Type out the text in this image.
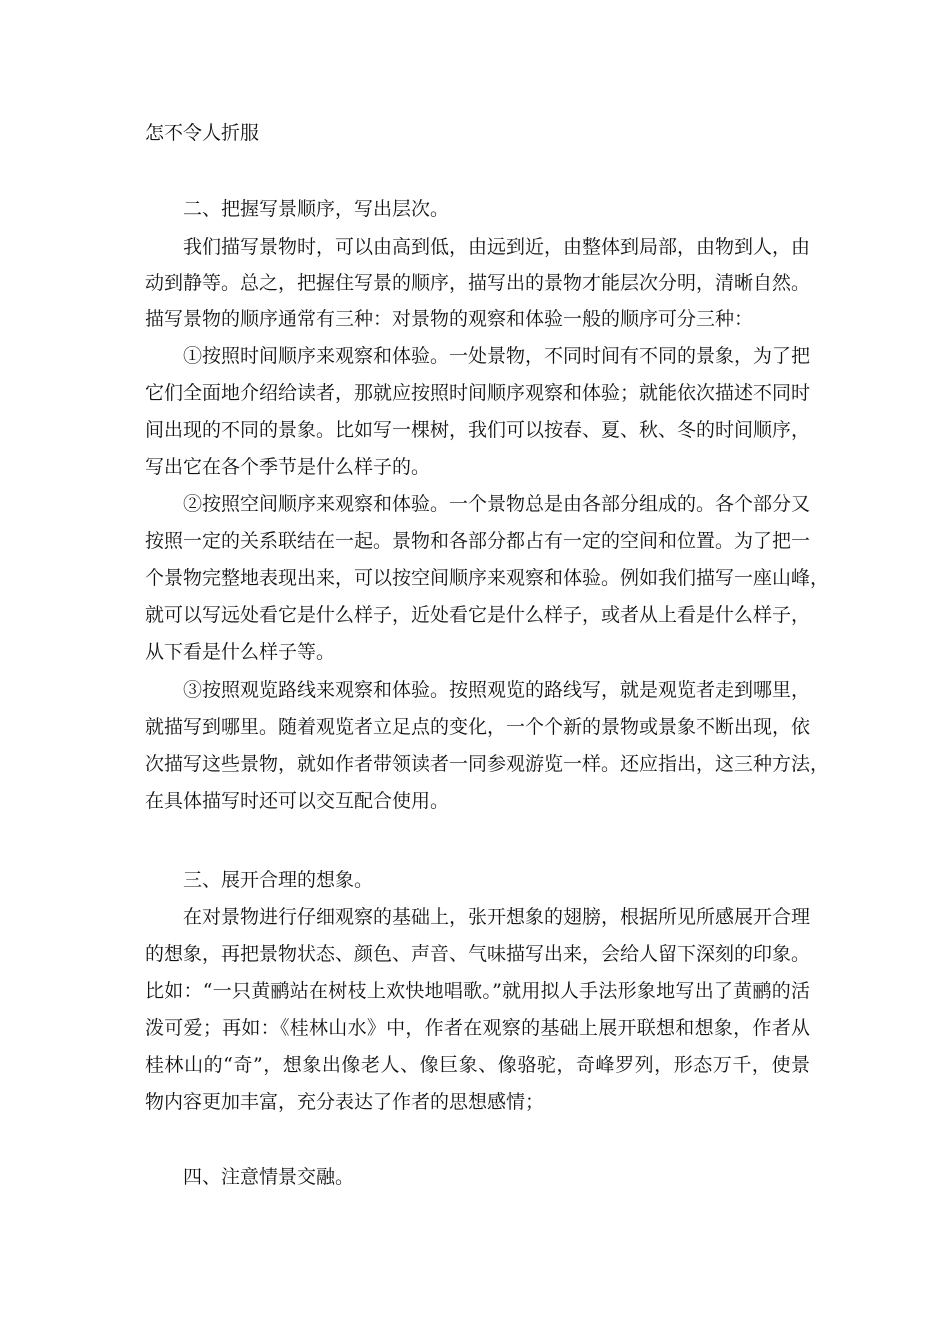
怎不令人折服
二、把握写景顺序，写出层次。
我们描写景物时，可以由高到低，由远到近，由整体到局部，由物到人，由
动到静等。总之，把握住写景的顺序，描写出的景物才能层次分明，清晰自然。
描写景物的顺序通常有三种：对景物的观察和体验一般的顺序可分三种：
①按照时间顺序来观察和体验。一处景物，不同时间有不同的景象，为了把
它们全面地介绍给读者，那就应按照时间顺序观察和体验；就能依次描述不同时
间出现的不同的景象。比如写一棵树，我们可以按春、夏、秋、冬的时间顺序，
写出它在各个季节是什么样子的。
②按照空间顺序来观察和体验。一个景物总是由各部分组成的。各个部分又
按照一定的关系联结在一起。景物和各部分都占有一定的空间和位置。为了把一
个景物完整地表现出来，可以按空间顺序来观察和体验。例如我们描写一座山峰，
就可以写远处看它是什么样子，近处看它是什么样子，或者从上看是什么样子，
从下看是什么样子等。
③按照观览路线来观察和体验。按照观览的路线写，就是观览者走到哪里，
就描写到哪里。随着观览者立足点的变化，一个个新的景物或景象不断出现，依
次描写这些景物，就如作者带领读者一同参观游览一样。还应指出，这三种方法，
在具体描写时还可以交互配合使用。
三、展开合理的想象。
在对景物进行仔细观察的基础上，张开想象的翅膀，根据所见所感展开合理
的想象，再把景物状态、颜色、声音、气味描写出来，会给人留下深刻的印象。
比如：“一只黄鹂站在树枝上欢快地唱歌。”就用拟人手法形象地写出了黄鹂的活
泼可爱；再如：《桂林山水》中，作者在观察的基础上展开联想和想象，作者从
桂林山的“奇”，想象出像老人、像巨象、像骆驼，奇峰罗列，形态万千，使景
物内容更加丰富，充分表达了作者的思想感情；
四、注意情景交融。
